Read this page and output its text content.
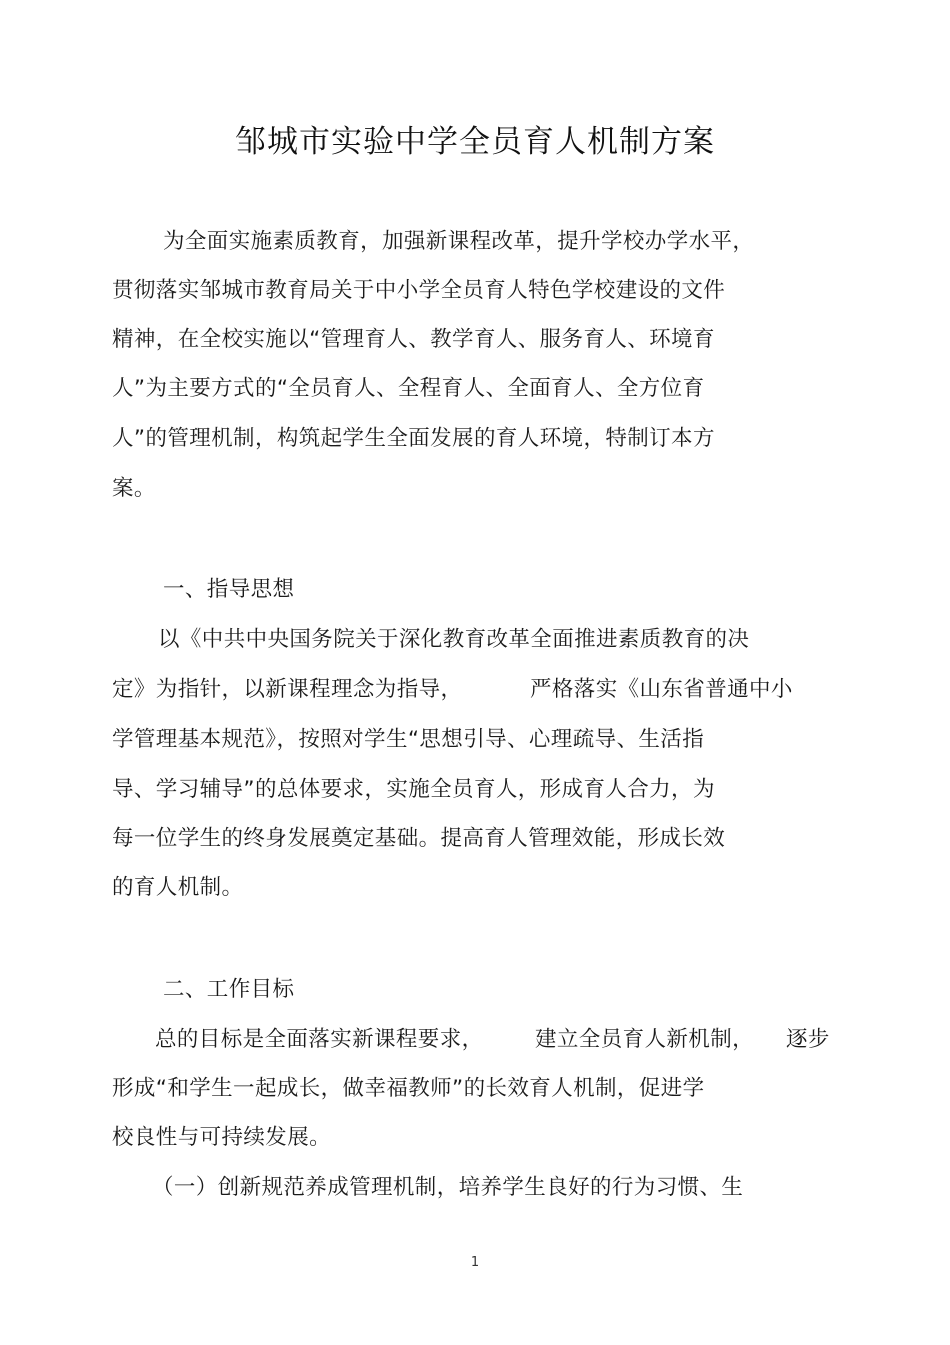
邹城市实验中学全员育人机制方案
为全面实施素质教育，加强新课程改革，提升学校办学水平，
贯彻落实邹城市教育局关于中小学全员育人特色学校建设的文件
精神，在全校实施以“管理育人、教学育人、服务育人、环境育
人”为主要方式的“全员育人、全程育人、全面育人、全方位育
人”的管理机制，构筑起学生全面发展的育人环境，特制订本方
案。
一、指导思想
以《中共中央国务院关于深化教育改革全面推进素质教育的决
定》为指针，以新课程理念为指导，	严格落实《山东省普通中小
学管理基本规范》，按照对学生“思想引导、心理疏导、生活指
导、学习辅导”的总体要求，实施全员育人，形成育人合力，为
每一位学生的终身发展奠定基础。提高育人管理效能，形成长效
的育人机制。
二、工作目标
总的目标是全面落实新课程要求， 建立全员育人新机制， 逐步
形成“和学生一起成长，做幸福教师”的长效育人机制，促进学
校良性与可持续发展。
（一）创新规范养成管理机制，培养学生良好的行为习惯、生
1
